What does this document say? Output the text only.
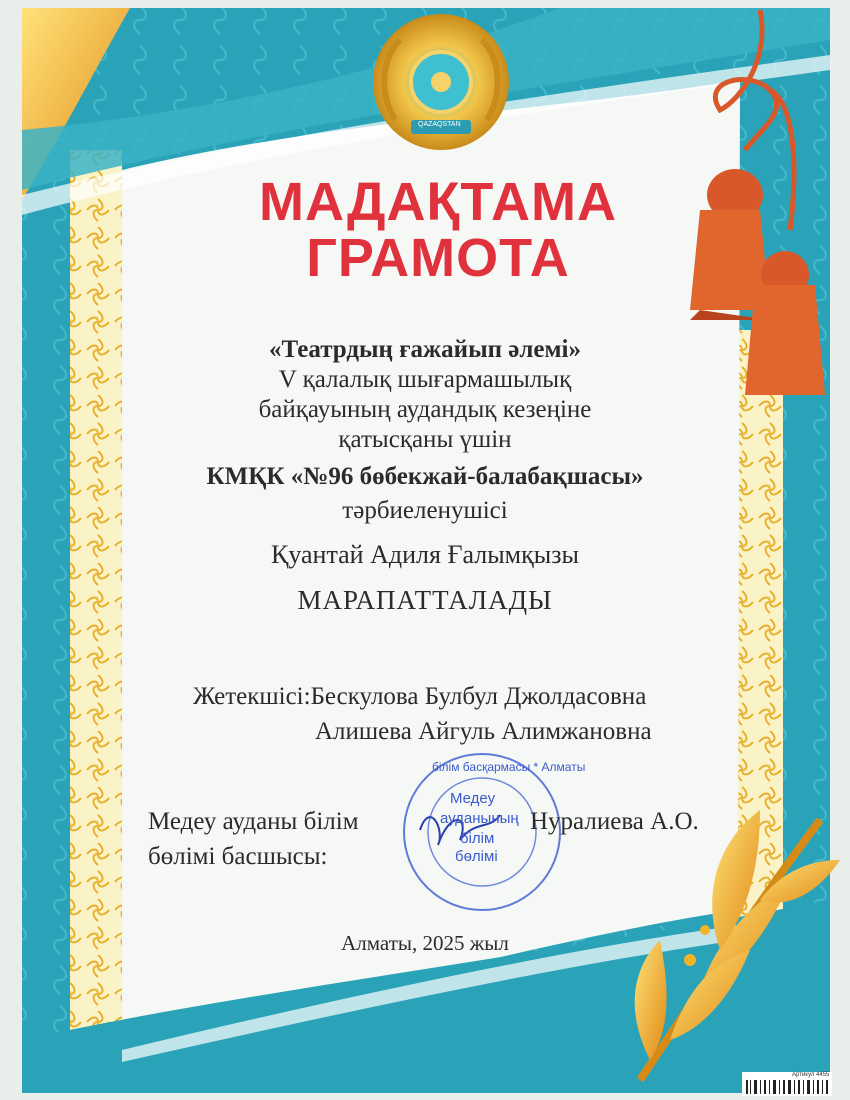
МАДАҚТАМА
ГРАМОТА
«Театрдың ғажайып әлемі»
V қалалық шығармашылық
байқауының аудандық кезеңіне
қатысқаны үшін
КМҚК «№96 бөбекжай-балабақшасы»
тәрбиеленушісі
Қуантай Адиля Ғалымқызы
МАРАПАТТАЛАДЫ
Жетекшісі:Бескулова Булбул Джолдасовна
Алишева Айгуль Алимжановна
Медеу ауданы білім
бөлімі басшысы:
Нуралиева А.О.
Медеу
ауданының
білім
бөлімі
білім басқармасы * Алматы
Алматы, 2025 жыл
QAZAQSTAN
Артикул 4455
